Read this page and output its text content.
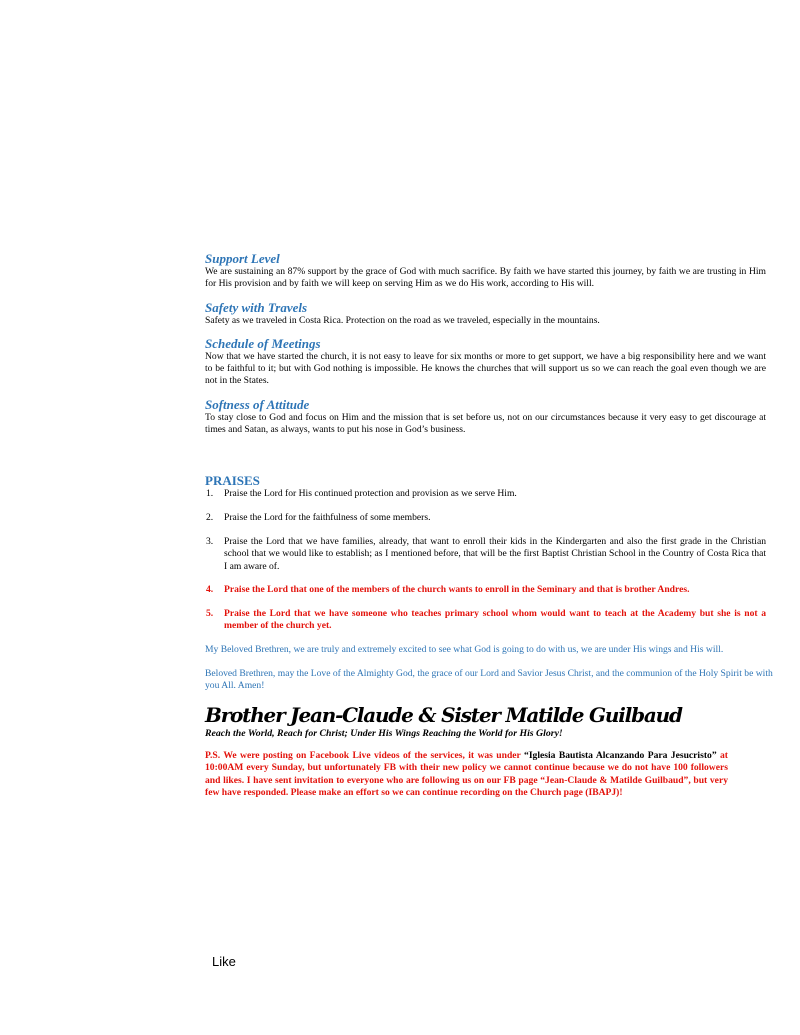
Support Level

We are sustaining an 87% support by the grace of God with much sacrifice. By faith we have started this journey, by faith we are trusting in Him for His provision and by faith we will keep on serving Him as we do His work, according to His will.

Safety with Travels

Safety as we traveled in Costa Rica. Protection on the road as we traveled, especially in the mountains.

Schedule of Meetings

Now that we have started the church, it is not easy to leave for six months or more to get support, we have a big responsibility here and we want to be faithful to it; but with God nothing is impossible. He knows the churches that will support us so we can reach the goal even though we are not in the States.

Softness of Attitude

To stay close to God and focus on Him and the mission that is set before us, not on our circumstances because it very easy to get discourage at times and Satan, as always, wants to put his nose in God’s business.

PRAISES
1.	Praise the Lord for His continued protection and provision as we serve Him.
2.	Praise the Lord for the faithfulness of some members.
3.	Praise the Lord that we have families, already, that want to enroll their kids in the Kindergarten and also the first grade in the Christian school that we would like to establish; as I mentioned before, that will be the first Baptist Christian School in the Country of Costa Rica that I am aware of.
4.	Praise the Lord that one of the members of the church wants to enroll in the Seminary and that is brother Andres.
5.	Praise the Lord that we have someone who teaches primary school whom would want to teach at the Academy but she is not a member of the church yet.

My Beloved Brethren, we are truly and extremely excited to see what God is going to do with us, we are under His wings and His will.

Beloved Brethren, may the Love of the Almighty God, the grace of our Lord and Savior Jesus Christ, and the communion of the Holy Spirit be with you All. Amen!

Brother Jean-Claude & Sister Matilde Guilbaud
Reach the World, Reach for Christ; Under His Wings Reaching the World for His Glory!

P.S. We were posting on Facebook Live videos of the services, it was under “Iglesia Bautista Alcanzando Para Jesucristo” at 10:00AM every Sunday, but unfortunately FB with their new policy we cannot continue because we do not have 100 followers and likes. I have sent invitation to everyone who are following us on our FB page “Jean-Claude & Matilde Guilbaud”, but very few have responded. Please make an effort so we can continue recording on the Church page (IBAPJ)!

Like
